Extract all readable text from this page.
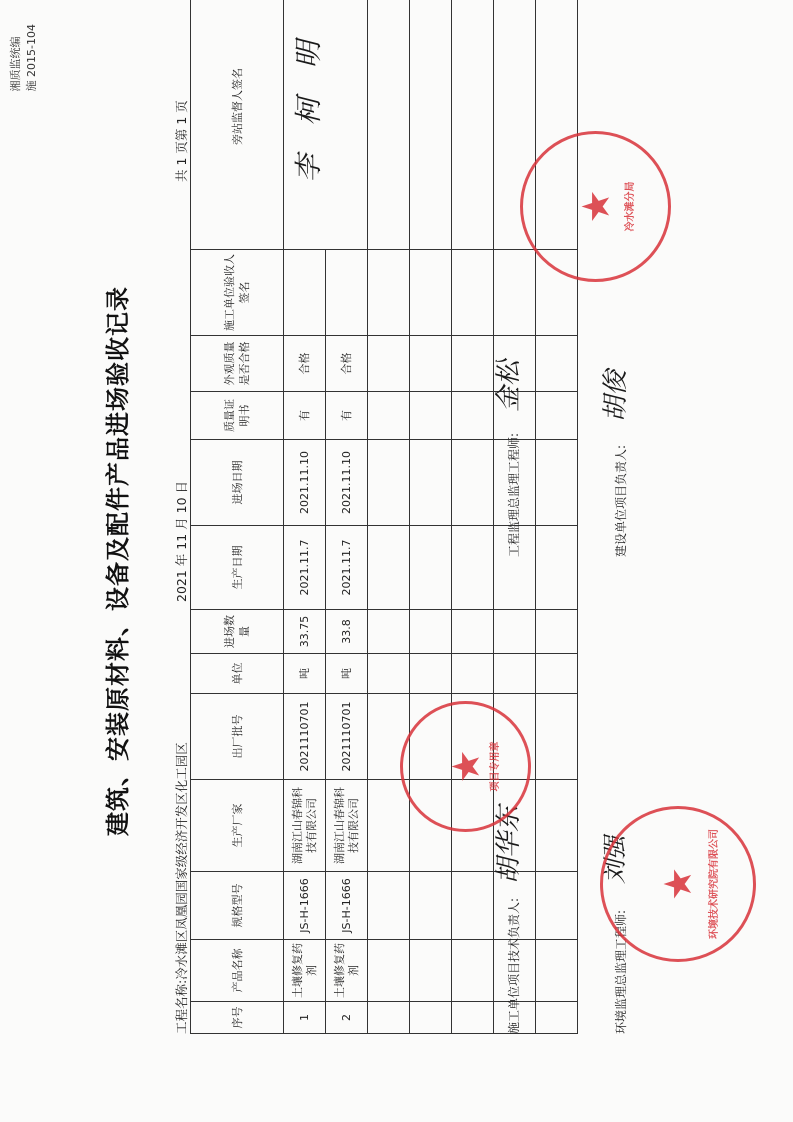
湘质监统编 施 2015-104
建筑、安装原材料、设备及配件产品进场验收记录
工程名称:冷水滩区凤凰园国家级经济开发区化工园区
2021 年 11 月 10 日
共 1 页第 1 页
序号	产品名称	规格型号	生产厂家	出厂批号	单位	进场数量	生产日期	进场日期	质量证明书	外观质量是否合格	施工单位验收人签名	旁站监督人签名
1	土壤修复药剂	JS-H-1666	湖南江山春锦科技有限公司	2021110701	吨	33.75	2021.11.7	2021.11.10	有	合格		李 柯 明

2	土壤修复药剂	JS-H-1666	湖南江山春锦科技有限公司	2021110701	吨	33.8	2021.11.7	2021.11.10	有	合格		

施工单位项目技术负责人:
胡华东
环境监理总监理工程师:
刘强
工程监理总监理工程师:
金松
建设单位项目负责人:
胡俊
★ 冷水滩分局
★ 项目专用章
★ 环境技术研究院有限公司
